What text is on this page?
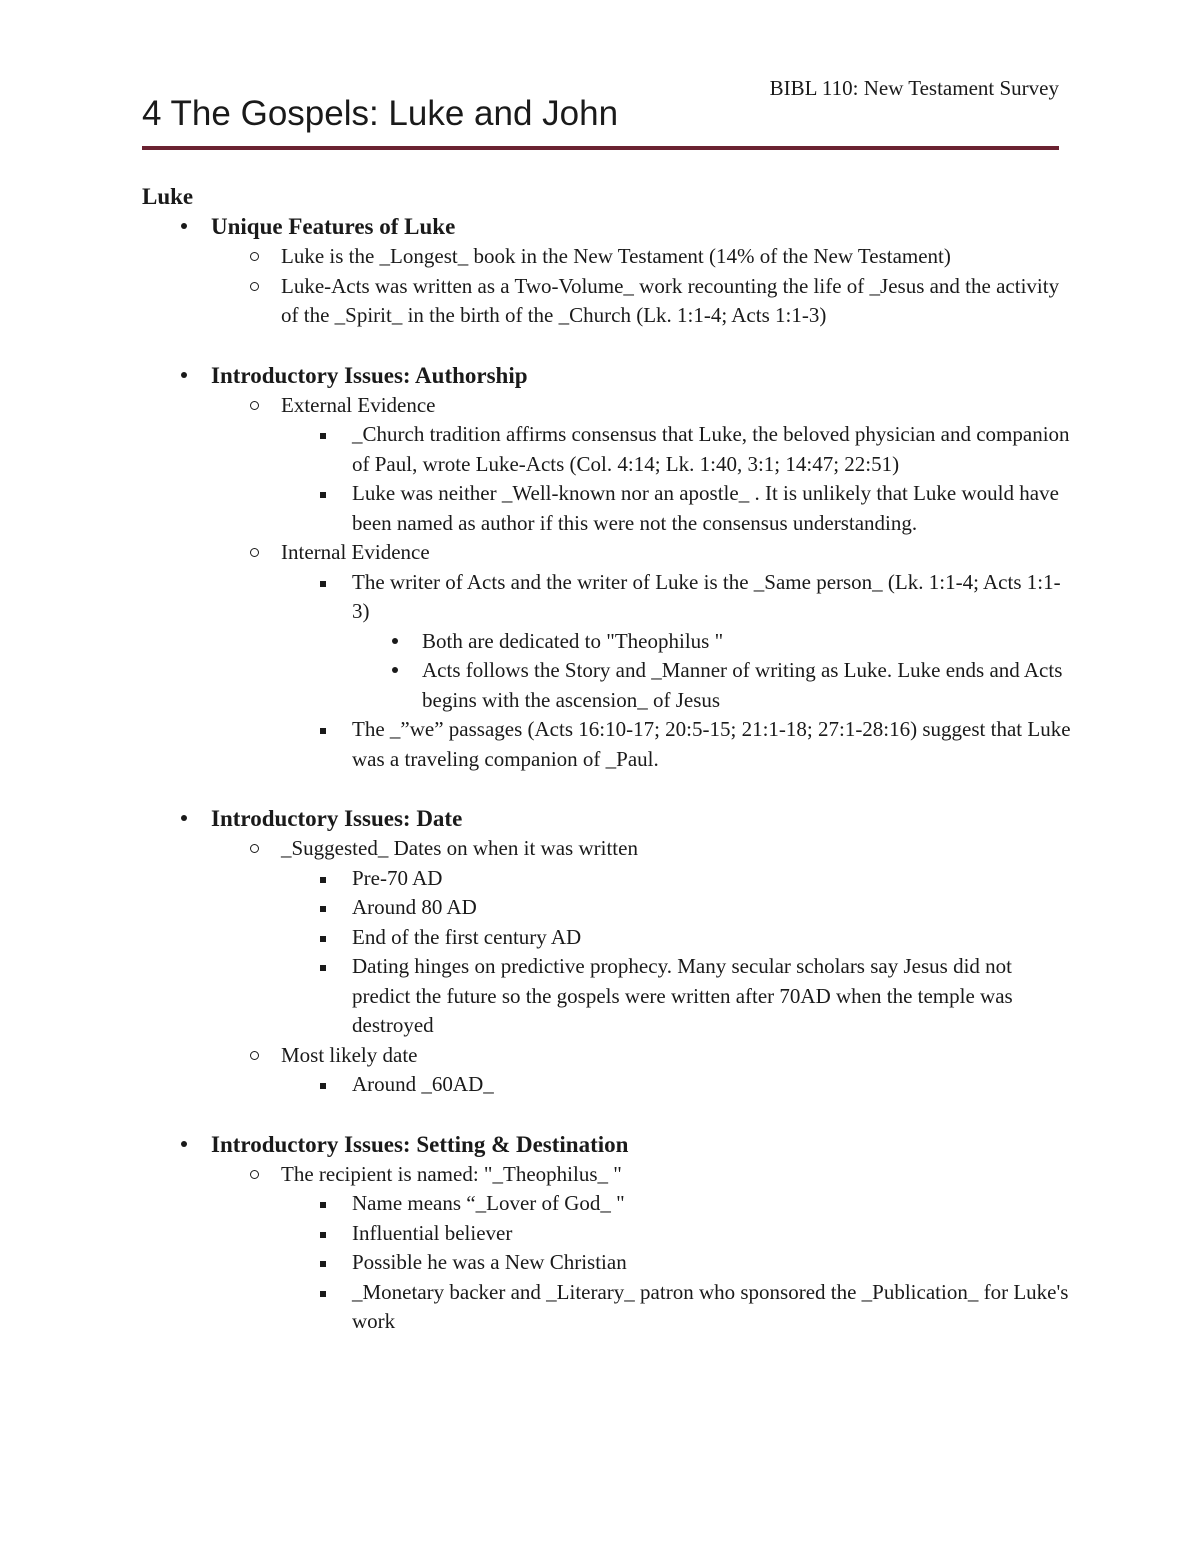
BIBL 110: New Testament Survey
4 The Gospels: Luke and John
Luke
Unique Features of Luke
Luke is the _Longest_ book in the New Testament (14% of the New Testament)
Luke-Acts was written as a Two-Volume_ work recounting the life of _Jesus and the activity of the _Spirit_ in the birth of the _Church (Lk. 1:1-4; Acts 1:1-3)
Introductory Issues: Authorship
External Evidence
_Church tradition affirms consensus that Luke, the beloved physician and companion of Paul, wrote Luke-Acts (Col. 4:14; Lk. 1:40, 3:1; 14:47; 22:51)
Luke was neither _Well-known nor an apostle_ . It is unlikely that Luke would have been named as author if this were not the consensus understanding.
Internal Evidence
The writer of Acts and the writer of Luke is the _Same person_ (Lk. 1:1-4; Acts 1:1-3)
Both are dedicated to "Theophilus "
Acts follows the Story and _Manner of writing as Luke. Luke ends and Acts begins with the ascension_ of Jesus
The _”we” passages (Acts 16:10-17; 20:5-15; 21:1-18; 27:1-28:16) suggest that Luke was a traveling companion of _Paul.
Introductory Issues: Date
_Suggested_ Dates on when it was written
Pre-70 AD
Around 80 AD
End of the first century AD
Dating hinges on predictive prophecy. Many secular scholars say Jesus did not predict the future so the gospels were written after 70AD when the temple was destroyed
Most likely date
Around _60AD_
Introductory Issues: Setting & Destination
The recipient is named: "_Theophilus_ "
Name means “_Lover of God_ "
Influential believer
Possible he was a New Christian
_Monetary backer and _Literary_ patron who sponsored the _Publication_ for Luke's work
